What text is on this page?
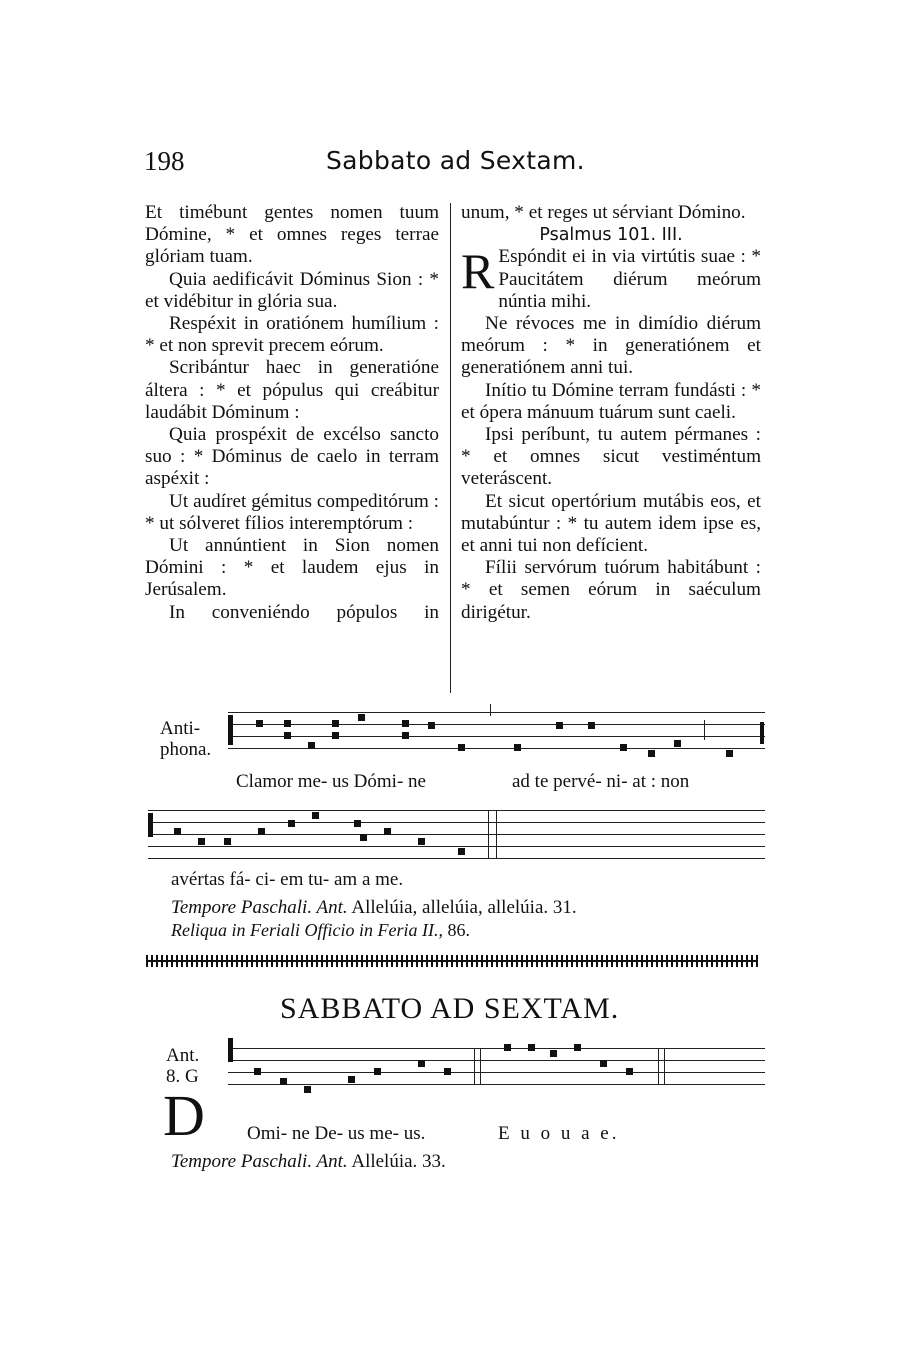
198	Sabbato ad Sextam.

Et timébunt gentes nomen tuum Dómine, * et omnes reges terrae glóriam tuam.

Quia aedificávit Dóminus Sion : * et vidébitur in glória sua.

Respéxit in oratiónem humílium : * et non sprevit precem eórum.

Scribántur haec in generatióne áltera : * et pópulus qui creábitur laudábit Dóminum :

Quia prospéxit de excélso sancto suo : * Dóminus de caelo in terram aspéxit :

Ut audíret gémitus compeditórum : * ut sólveret fílios interemptórum :

Ut annúntient in Sion nomen Dómini : * et laudem ejus in Jerúsalem.

In conveniéndo pópulos in

unum, * et reges ut sérviant Dómino.

Psalmus 101. III.

R Espóndit ei in via virtútis suae : * Paucitátem diérum meórum núntia mihi.

Ne révoces me in dimídio diérum meórum : * in generatiónem et generatiónem anni tui.

Inítio tu Dómine terram fundásti : * et ópera mánuum tuárum sunt caeli.

Ipsi períbunt, tu autem pérmanes : * et omnes sicut vestiméntum veteráscent.

Et sicut opertórium mutábis eos, et mutabúntur : * tu autem idem ipse es, et anni tui non defícient.

Fílii servórum tuórum habitábunt : * et semen eórum in saéculum dirigétur.

Anti-
phona.
Clamor me- us Dómi- ne	ad te pervé- ni- at : non
avértas fá- ci- em tu- am a me.
Tempore Paschali. Ant. Allelúia, allelúia, allelúia. 31.
Reliqua in Feriali Officio in Feria II., 86.
SABBATO AD SEXTAM.
Ant.
8. G
D Omi- ne De- us me- us.	E u o u a e.
Tempore Paschali. Ant. Allelúia. 33.
